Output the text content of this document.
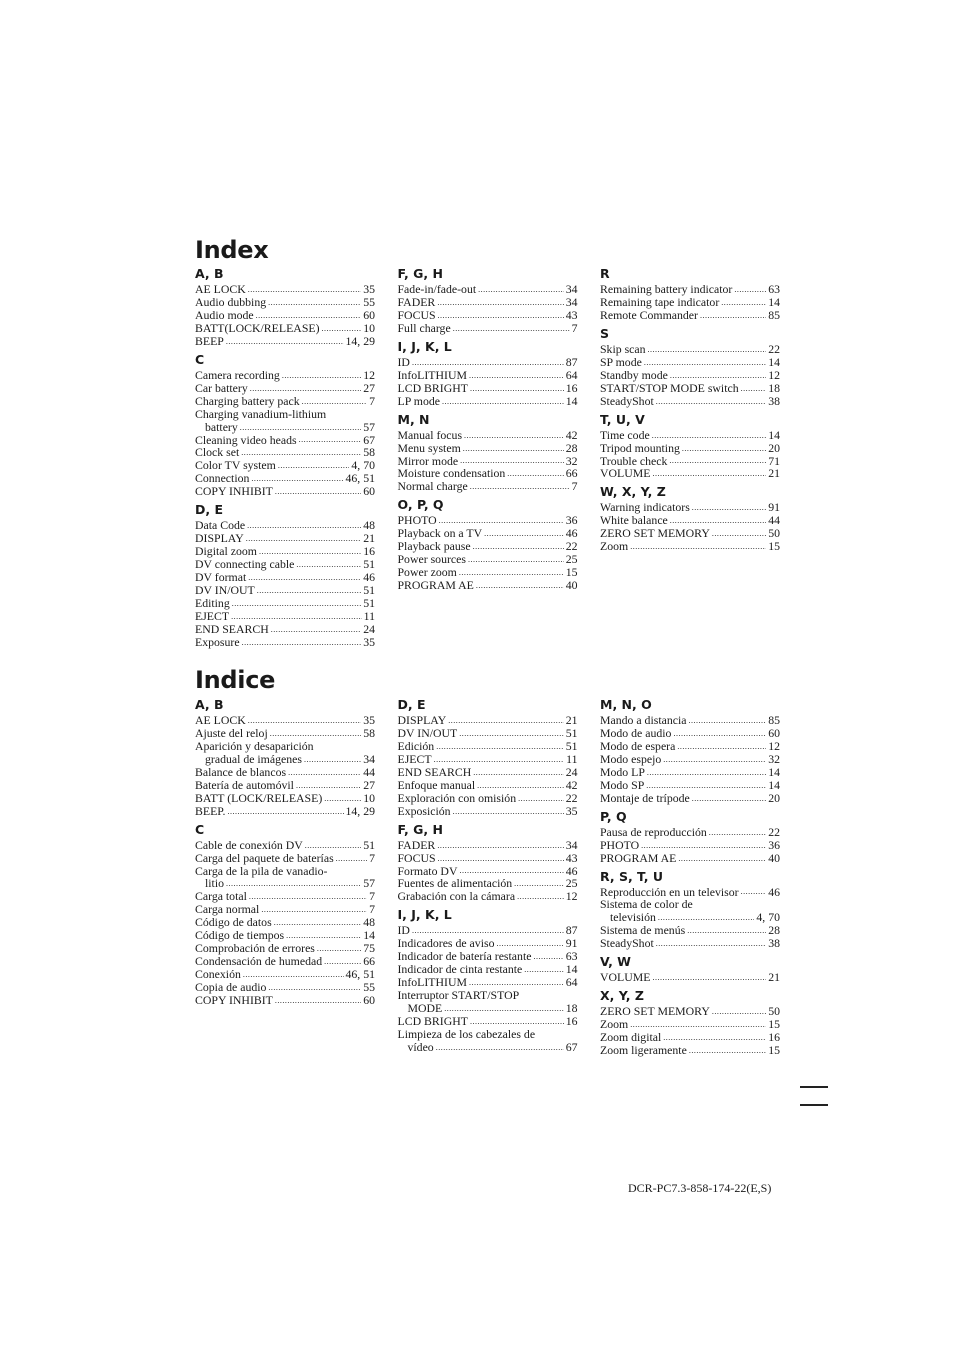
Index
A, B
AE LOCK .....	35
Audio dubbing .....	55
Audio mode .....	60
BATT(LOCK/RELEASE) .....	10
BEEP .....	14, 29
C
Camera recording .....	12
Car battery .....	27
Charging battery pack .....	7
Charging vanadium-lithium
battery .....	57
Cleaning video heads .....	67
Clock set .....	58
Color TV system .....	4, 70
Connection .....	46, 51
COPY INHIBIT .....	60
D, E
Data Code .....	48
DISPLAY .....	21
Digital zoom .....	16
DV connecting cable .....	51
DV format .....	46
DV IN/OUT .....	51
Editing .....	51
EJECT .....	11
END SEARCH .....	24
Exposure .....	35
F, G, H
Fade-in/fade-out .....	34
FADER .....	34
FOCUS .....	43
Full charge .....	7
I, J, K, L
ID .....	87
InfoLITHIUM .....	64
LCD BRIGHT .....	16
LP mode .....	14
M, N
Manual focus .....	42
Menu system .....	28
Mirror mode .....	32
Moisture condensation .....	66
Normal charge .....	7
O, P, Q
PHOTO .....	36
Playback on a TV .....	46
Playback pause .....	22
Power sources .....	25
Power zoom .....	15
PROGRAM AE .....	40
R
Remaining battery indicator .....	63
Remaining tape indicator .....	14
Remote Commander .....	85
S
Skip scan .....	22
SP mode .....	14
Standby mode .....	12
START/STOP MODE switch .....	18
SteadyShot .....	38
T, U, V
Time code .....	14
Tripod mounting .....	20
Trouble check .....	71
VOLUME .....	21
W, X, Y, Z
Warning indicators .....	91
White balance .....	44
ZERO SET MEMORY .....	50
Zoom .....	15
Indice
A, B
AE LOCK .....	35
Ajuste del reloj .....	58
Aparición y desaparición
gradual de imágenes .....	34
Balance de blancos .....	44
Batería de automóvil .....	27
BATT (LOCK/RELEASE) .....	10
BEEP. .....	14, 29
C
Cable de conexión DV .....	51
Carga del paquete de baterías .....	7
Carga de la pila de vanadio-
litio .....	57
Carga total .....	7
Carga normal .....	7
Código de datos .....	48
Código de tiempos .....	14
Comprobación de errores .....	75
Condensación de humedad .....	66
Conexión .....	46, 51
Copia de audio .....	55
COPY INHIBIT .....	60
D, E
DISPLAY .....	21
DV IN/OUT .....	51
Edición .....	51
EJECT .....	11
END SEARCH .....	24
Enfoque manual .....	42
Exploración con omisión .....	22
Exposición .....	35
F, G, H
FADER .....	34
FOCUS .....	43
Formato DV .....	46
Fuentes de alimentación .....	25
Grabación con la cámara .....	12
I, J, K, L
ID .....	87
Indicadores de aviso .....	91
Indicador de batería restante .....	63
Indicador de cinta restante .....	14
InfoLITHIUM .....	64
Interruptor START/STOP
MODE .....	18
LCD BRIGHT .....	16
Limpieza de los cabezales de
vídeo .....	67
M, N, O
Mando a distancia .....	85
Modo de audio .....	60
Modo de espera .....	12
Modo espejo .....	32
Modo LP .....	14
Modo SP .....	14
Montaje de trípode .....	20
P, Q
Pausa de reproducción .....	22
PHOTO .....	36
PROGRAM AE .....	40
R, S, T, U
Reproducción en un televisor .....	46
Sistema de color de
televisión .....	4, 70
Sistema de menús .....	28
SteadyShot .....	38
V, W
VOLUME .....	21
X, Y, Z
ZERO SET MEMORY .....	50
Zoom .....	15
Zoom digital .....	16
Zoom ligeramente .....	15
DCR-PC7.3-858-174-22(E,S)
